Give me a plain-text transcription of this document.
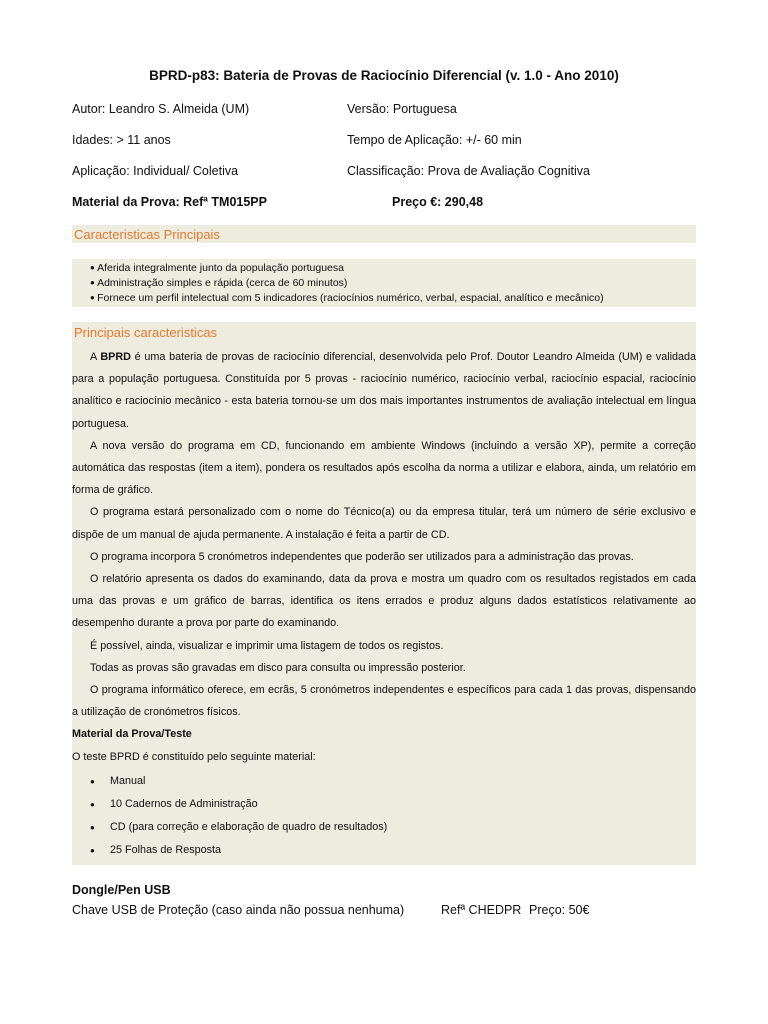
BPRD-p83: Bateria de Provas de Raciocínio Diferencial (v. 1.0 - Ano 2010)
Autor: Leandro S. Almeida (UM)	Versão: Portuguesa
Idades: > 11 anos	Tempo de Aplicação: +/- 60 min
Aplicação: Individual/ Coletiva	Classificação: Prova de Avaliação Cognitiva
Material da Prova: Refª TM015PP	Preço €: 290,48
Caracteristicas Principais
● Aferida integralmente junto da população portuguesa
● Administração simples e rápida (cerca de 60 minutos)
● Fornece um perfil intelectual com 5 indicadores (raciocínios numérico, verbal, espacial, analítico e mecânico)
Principais caracteristicas

A BPRD é uma bateria de provas de raciocínio diferencial, desenvolvida pelo Prof. Doutor Leandro Almeida (UM) e validada para a população portuguesa. Constituída por 5 provas - raciocínio numérico, raciocínio verbal, raciocínio espacial, raciocínio analítico e raciocínio mecânico - esta bateria tornou-se um dos mais importantes instrumentos de avaliação intelectual em língua portuguesa.

A nova versão do programa em CD, funcionando em ambiente Windows (incluindo a versão XP), permite a correção automática das respostas (item a item), pondera os resultados após escolha da norma a utilizar e elabora, ainda, um relatório em forma de gráfico.

O programa estará personalizado com o nome do Técnico(a) ou da empresa titular, terá um número de série exclusivo e dispõe de um manual de ajuda permanente. A instalação é feita a partir de CD.

O programa incorpora 5 cronómetros independentes que poderão ser utilizados para a administração das provas.

O relatório apresenta os dados do examinando, data da prova e mostra um quadro com os resultados registados em cada uma das provas e um gráfico de barras, identifica os itens errados e produz alguns dados estatísticos relativamente ao desempenho durante a prova por parte do examinando.

É possível, ainda, visualizar e imprimir uma listagem de todos os registos.

Todas as provas são gravadas em disco para consulta ou impressão posterior.

O programa informático oferece, em ecrãs, 5 cronómetros independentes e específicos para cada 1 das provas, dispensando a utilização de cronómetros físicos.

Material da Prova/Teste

O teste BPRD é constituído pelo seguinte material:

● Manual
● 10 Cadernos de Administração
● CD (para correção e elaboração de quadro de resultados)
● 25 Folhas de Resposta
Dongle/Pen USB
Chave USB de Proteção (caso ainda não possua nenhuma)	Refª CHEDPR Preço: 50€
